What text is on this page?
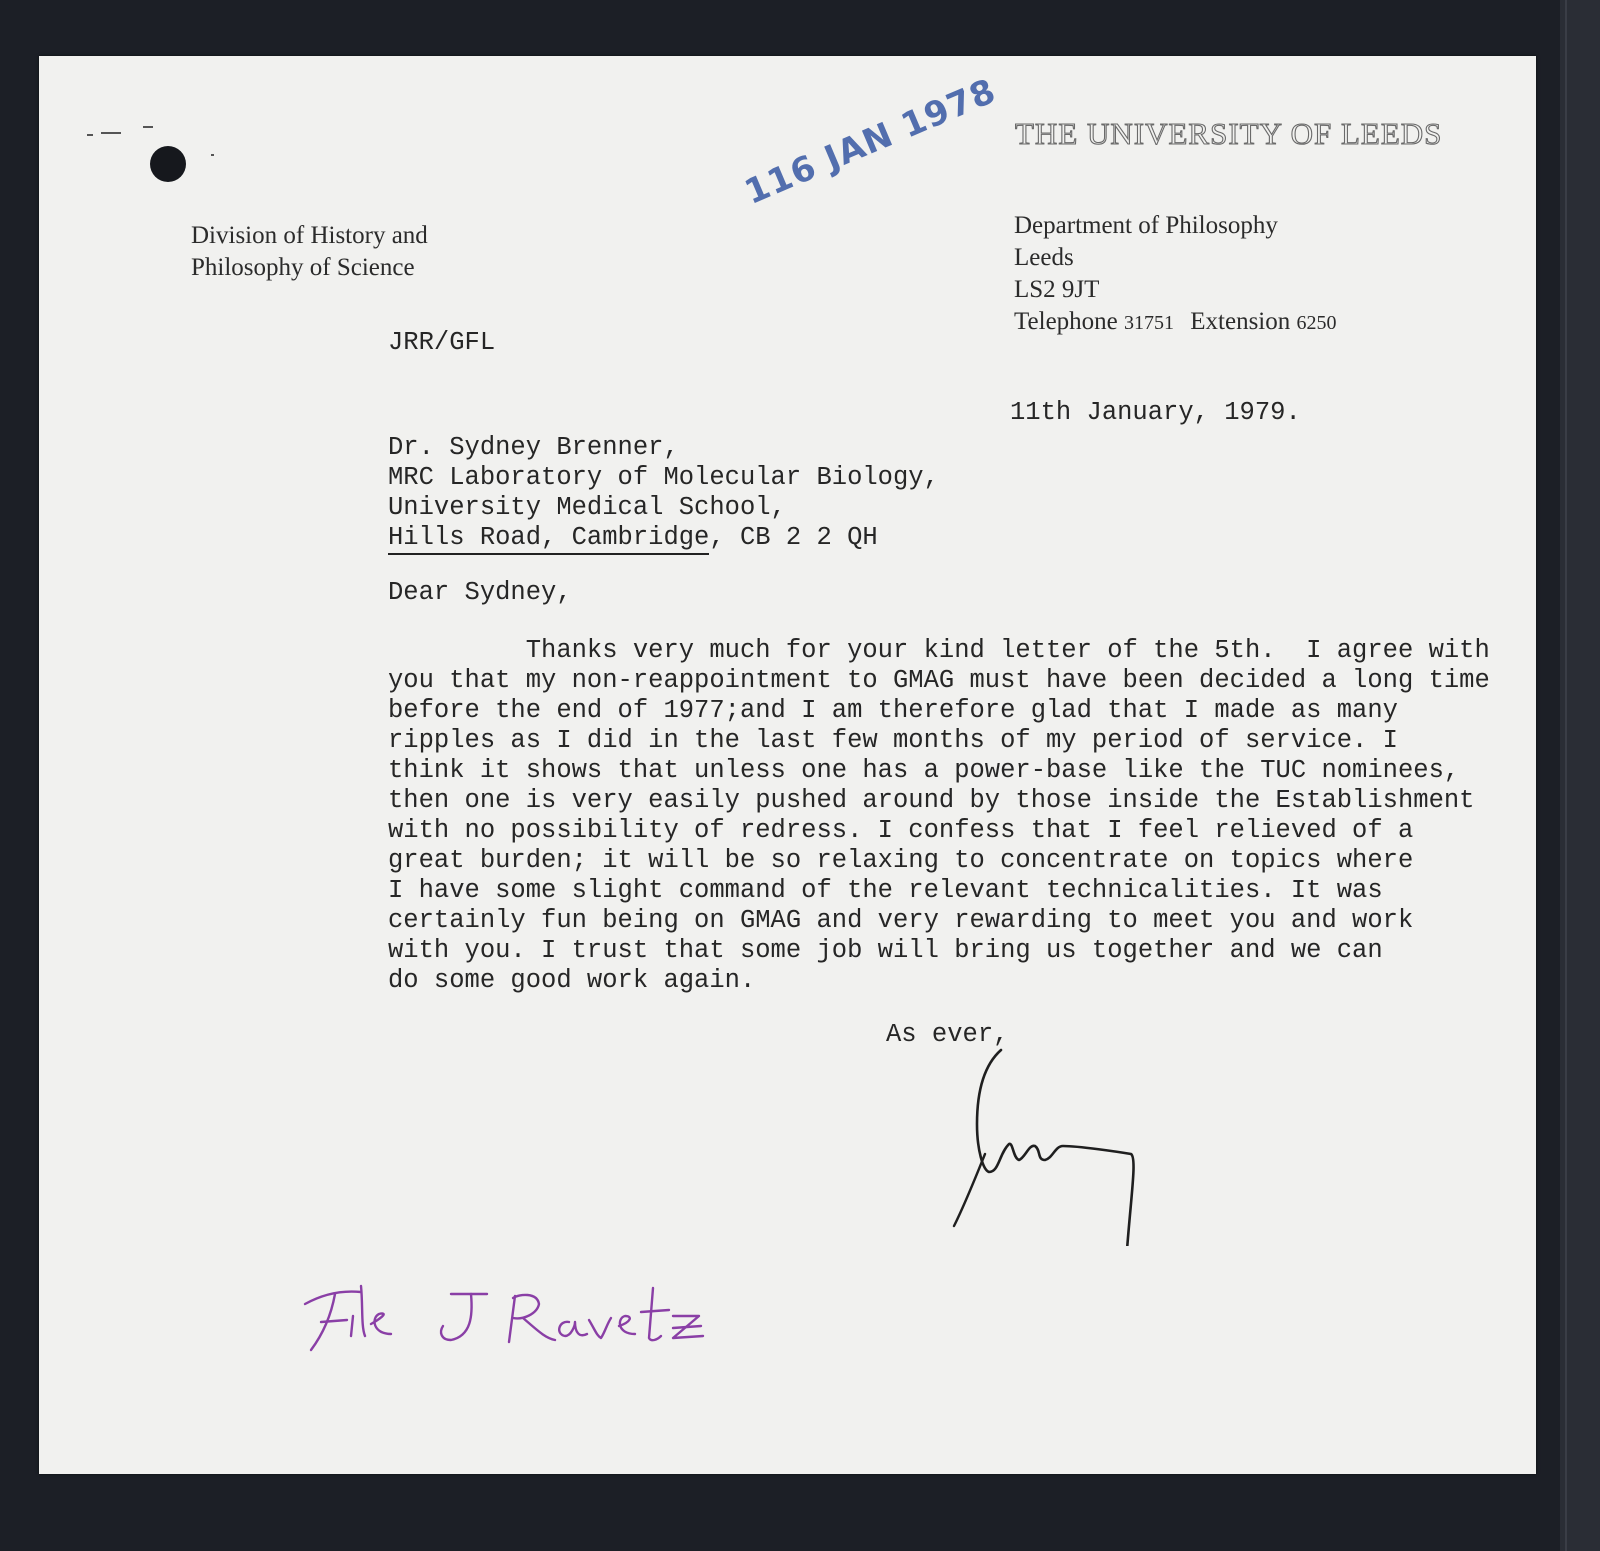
THE UNIVERSITY OF LEEDS
Division of History and
Philosophy of Science
Department of Philosophy
Leeds
LS2 9JT
Telephone 31751 Extension 6250
116 JAN 1978
JRR/GFL
11th January, 1979.
Dr. Sydney Brenner,
MRC Laboratory of Molecular Biology,
University Medical School,
Hills Road, Cambridge, CB 2 2 QH
Dear Sydney,
Thanks very much for your kind letter of the 5th.  I agree with
you that my non-reappointment to GMAG must have been decided a long time
before the end of 1977;and I am therefore glad that I made as many
ripples as I did in the last few months of my period of service. I
think it shows that unless one has a power-base like the TUC nominees,
then one is very easily pushed around by those inside the Establishment
with no possibility of redress. I confess that I feel relieved of a
great burden; it will be so relaxing to concentrate on topics where
I have some slight command of the relevant technicalities. It was
certainly fun being on GMAG and very rewarding to meet you and work
with you. I trust that some job will bring us together and we can
do some good work again.
As ever,
